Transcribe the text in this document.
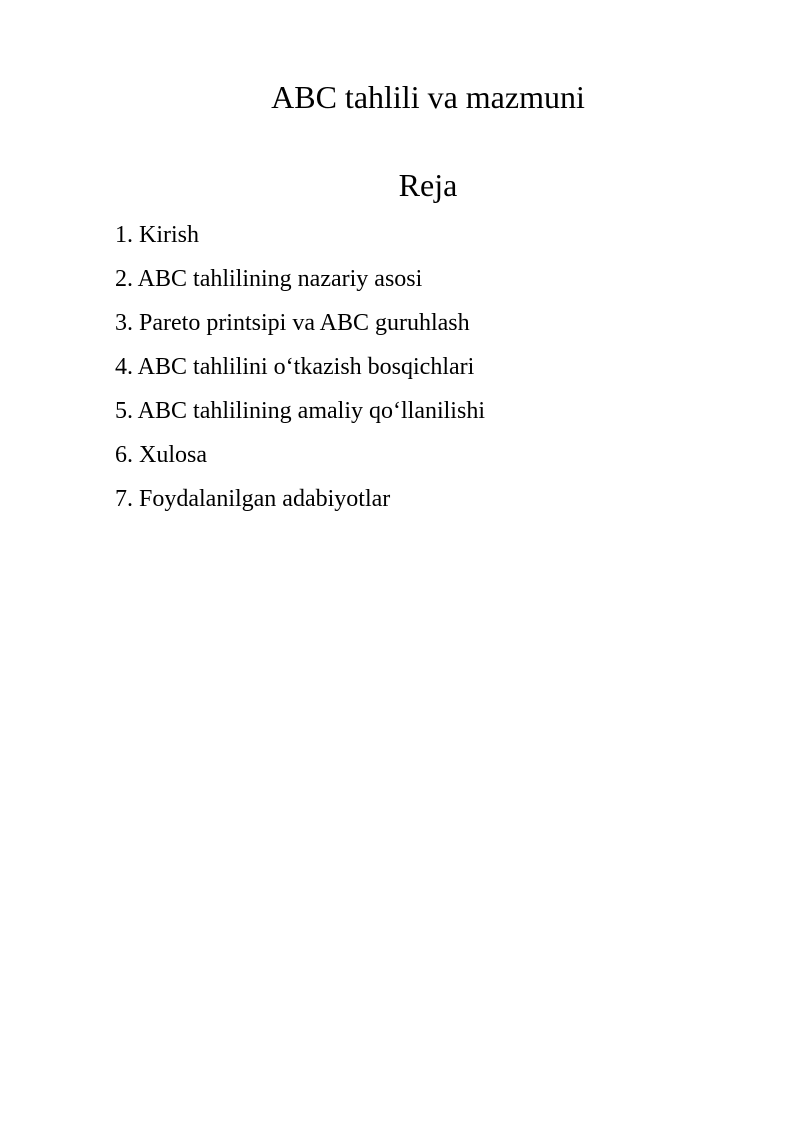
ABC tahlili va mazmuni
Reja
1. Kirish
2. ABC tahlilining nazariy asosi
3. Pareto printsipi va ABC guruhlash
4. ABC tahlilini o‘tkazish bosqichlari
5. ABC tahlilining amaliy qo‘llanilishi
6. Xulosa
7. Foydalanilgan adabiyotlar
